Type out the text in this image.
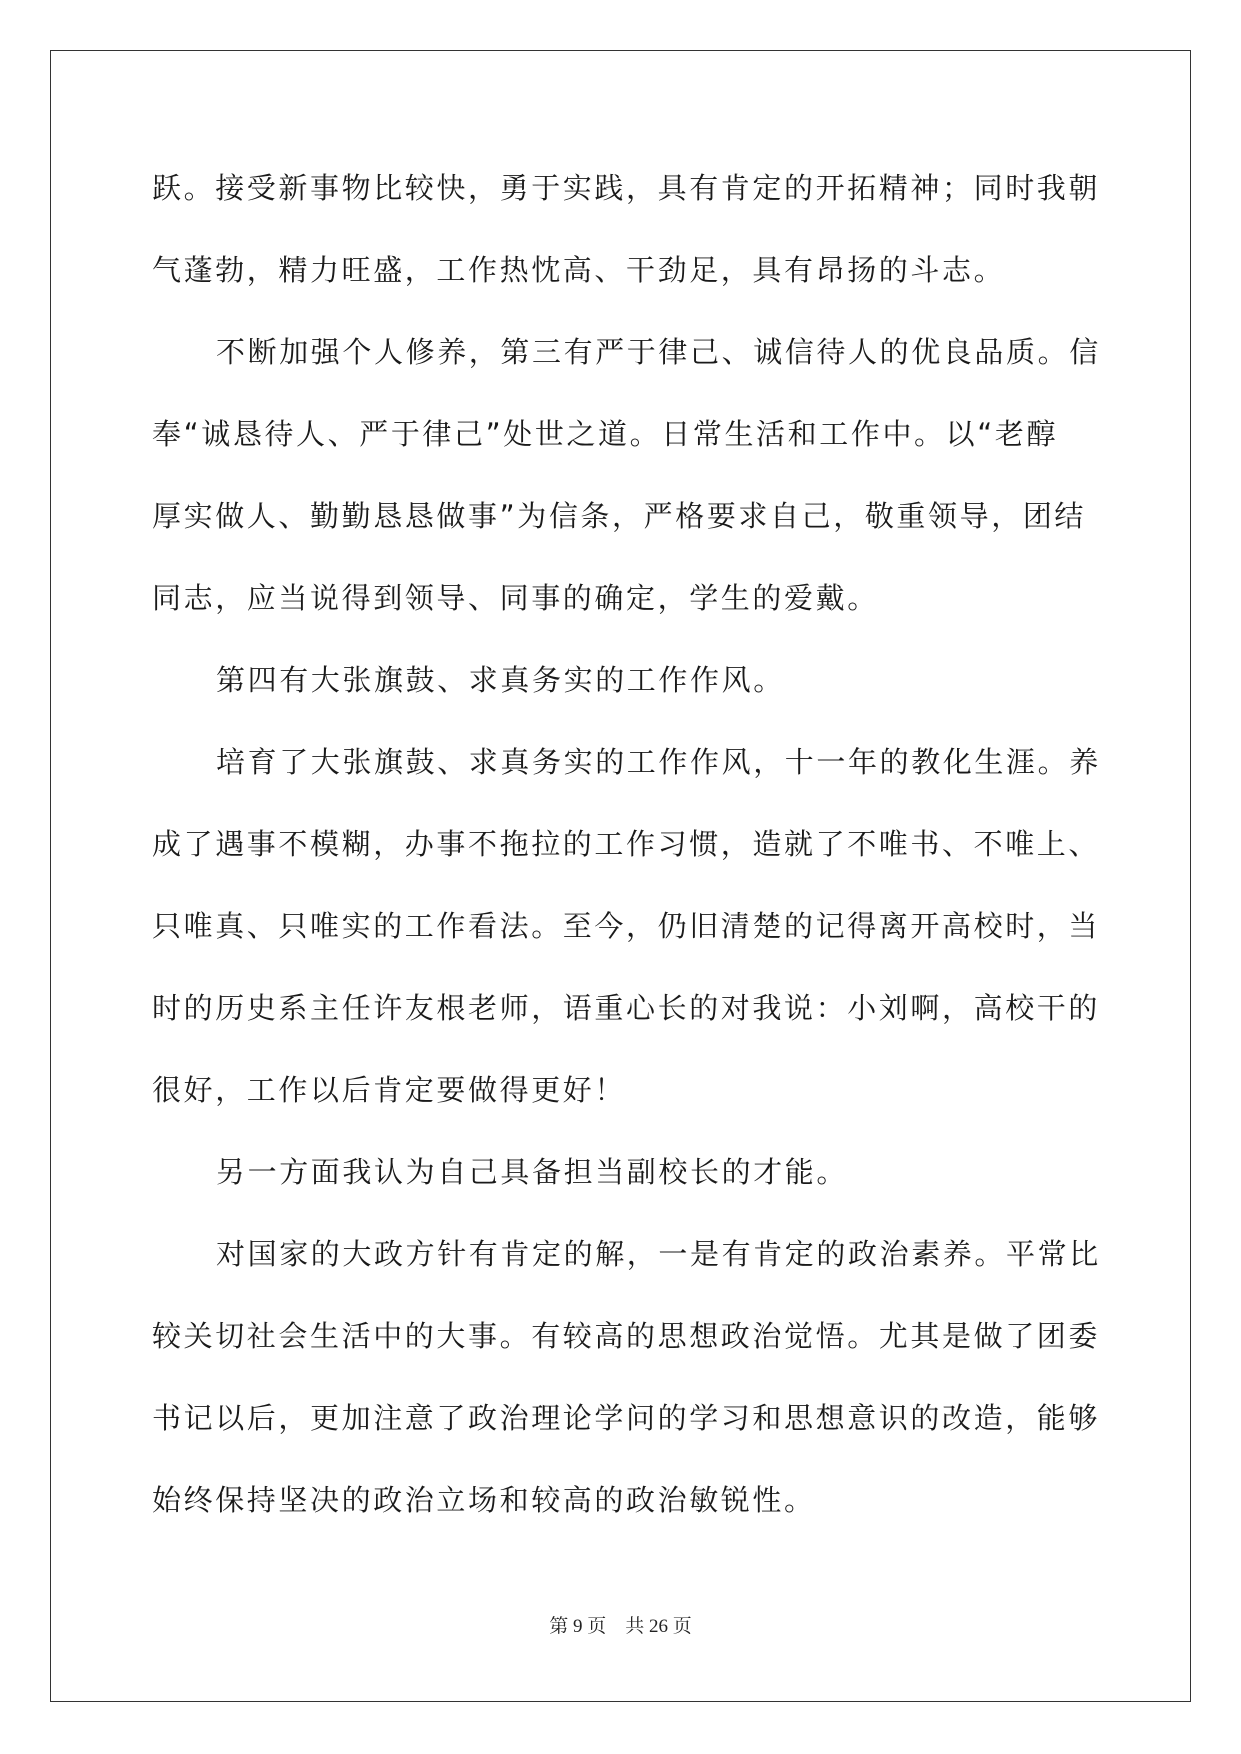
跃。接受新事物比较快，勇于实践，具有肯定的开拓精神；同时我朝
气蓬勃，精力旺盛，工作热忱高、干劲足，具有昂扬的斗志。
不断加强个人修养，第三有严于律己、诚信待人的优良品质。信
奉“诚恳待人、严于律己”处世之道。日常生活和工作中。以“老醇
厚实做人、勤勤恳恳做事”为信条，严格要求自己，敬重领导，团结
同志，应当说得到领导、同事的确定，学生的爱戴。
第四有大张旗鼓、求真务实的工作作风。
培育了大张旗鼓、求真务实的工作作风，十一年的教化生涯。养
成了遇事不模糊，办事不拖拉的工作习惯，造就了不唯书、不唯上、
只唯真、只唯实的工作看法。至今，仍旧清楚的记得离开高校时，当
时的历史系主任许友根老师，语重心长的对我说：小刘啊，高校干的
很好，工作以后肯定要做得更好！
另一方面我认为自己具备担当副校长的才能。
对国家的大政方针有肯定的解，一是有肯定的政治素养。平常比
较关切社会生活中的大事。有较高的思想政治觉悟。尤其是做了团委
书记以后，更加注意了政治理论学问的学习和思想意识的改造，能够
始终保持坚决的政治立场和较高的政治敏锐性。
第 9 页　共 26 页
